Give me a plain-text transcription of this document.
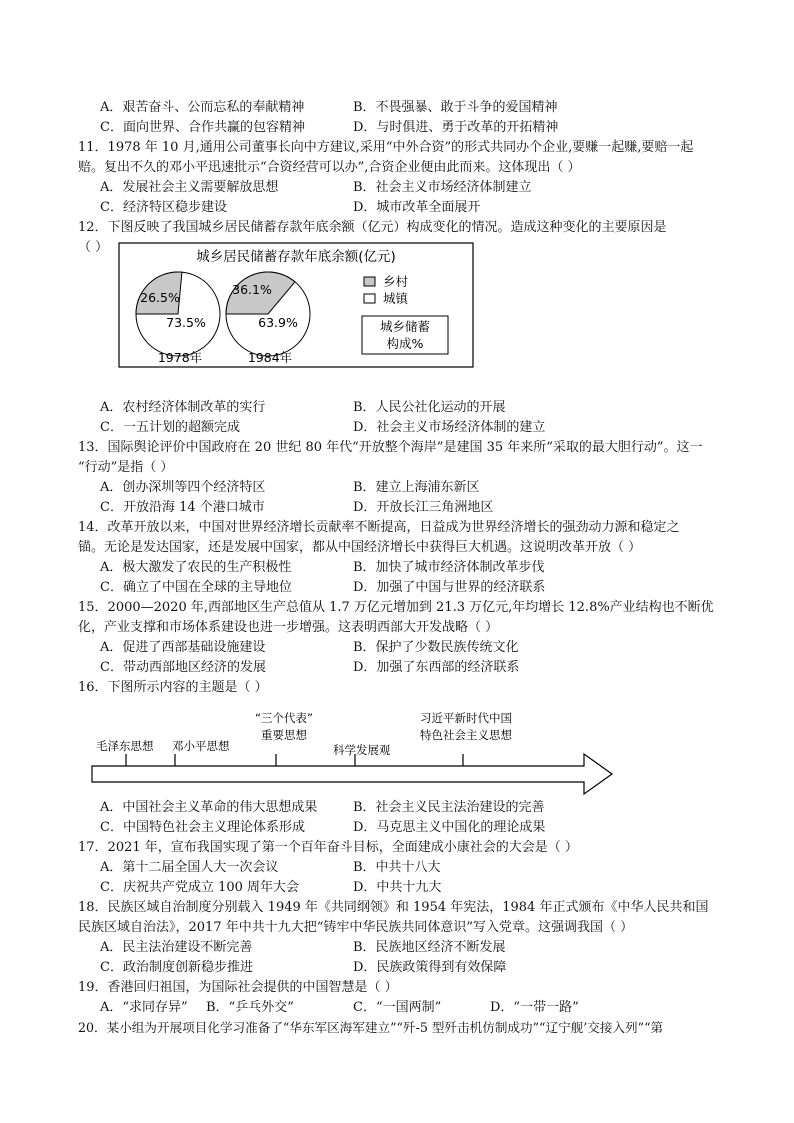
A．艰苦奋斗、公而忘私的奉献精神	B．不畏强暴、敢于斗争的爱国精神
C．面向世界、合作共赢的包容精神	D．与时俱进、勇于改革的开拓精神
11．1978 年 10 月,通用公司董事长向中方建议,采用“中外合资”的形式共同办个企业,要赚一起赚,要赔一起
赔。复出不久的邓小平迅速批示“合资经营可以办”,合资企业便由此而来。这体现出（ ）
A．发展社会主义需要解放思想	B．社会主义市场经济体制建立
C．经济特区稳步建设	D．城市改革全面展开
12．下图反映了我国城乡居民储蓄存款年底余额（亿元）构成变化的情况。造成这种变化的主要原因是
（ ）
城乡居民储蓄存款年底余额(亿元)
26.5%
73.5%
1978年
36.1%
63.9%
1984年
乡村
城镇
城乡储蓄
构成%
A．农村经济体制改革的实行	B．人民公社化运动的开展
C．一五计划的超额完成	D．社会主义市场经济体制的建立
13．国际舆论评价中国政府在 20 世纪 80 年代“开放整个海岸”是建国 35 年来所“采取的最大胆行动”。这一
“行动”是指（ ）
A．创办深圳等四个经济特区	B．建立上海浦东新区
C．开放沿海 14 个港口城市	D．开放长江三角洲地区
14．改革开放以来，中国对世界经济增长贡献率不断提高，日益成为世界经济增长的强劲动力源和稳定之
锚。无论是发达国家，还是发展中国家，都从中国经济增长中获得巨大机遇。这说明改革开放（ ）
A．极大激发了农民的生产积极性	B．加快了城市经济体制改革步伐
C．确立了中国在全球的主导地位	D．加强了中国与世界的经济联系
15．2000—2020 年,西部地区生产总值从 1.7 万亿元增加到 21.3 万亿元,年均增长 12.8%产业结构也不断优
化，产业支撑和市场体系建设也进一步增强。这表明西部大开发战略（ ）
A．促进了西部基础设施建设	B．保护了少数民族传统文化
C．带动西部地区经济的发展	D．加强了东西部的经济联系
16．下图所示内容的主题是（ ）
毛泽东思想 邓小平思想
“三个代表”
重要思想
科学发展观
习近平新时代中国
特色社会主义思想
A．中国社会主义革命的伟大思想成果	B．社会主义民主法治建设的完善
C．中国特色社会主义理论体系形成	D．马克思主义中国化的理论成果
17．2021 年，宣布我国实现了第一个百年奋斗目标，全面建成小康社会的大会是（ ）
A．第十二届全国人大一次会议	B．中共十八大
C．庆祝共产党成立 100 周年大会	D．中共十九大
18．民族区域自治制度分别载入 1949 年《共同纲领》和 1954 年宪法，1984 年正式颁布《中华人民共和国
民族区域自治法》，2017 年中共十九大把“铸牢中华民族共同体意识”写入党章。这强调我国（ ）
A．民主法治建设不断完善	B．民族地区经济不断发展
C．政治制度创新稳步推进	D．民族政策得到有效保障
19．香港回归祖国，为国际社会提供的中国智慧是（ ）
A．“求同存异” B．“乒乓外交”	C．“一国两制”	D．“一带一路”
20．某小组为开展项目化学习准备了“华东军区海军建立”“歼-5 型歼击机仿制成功”“辽宁舰’交接入列”“第
